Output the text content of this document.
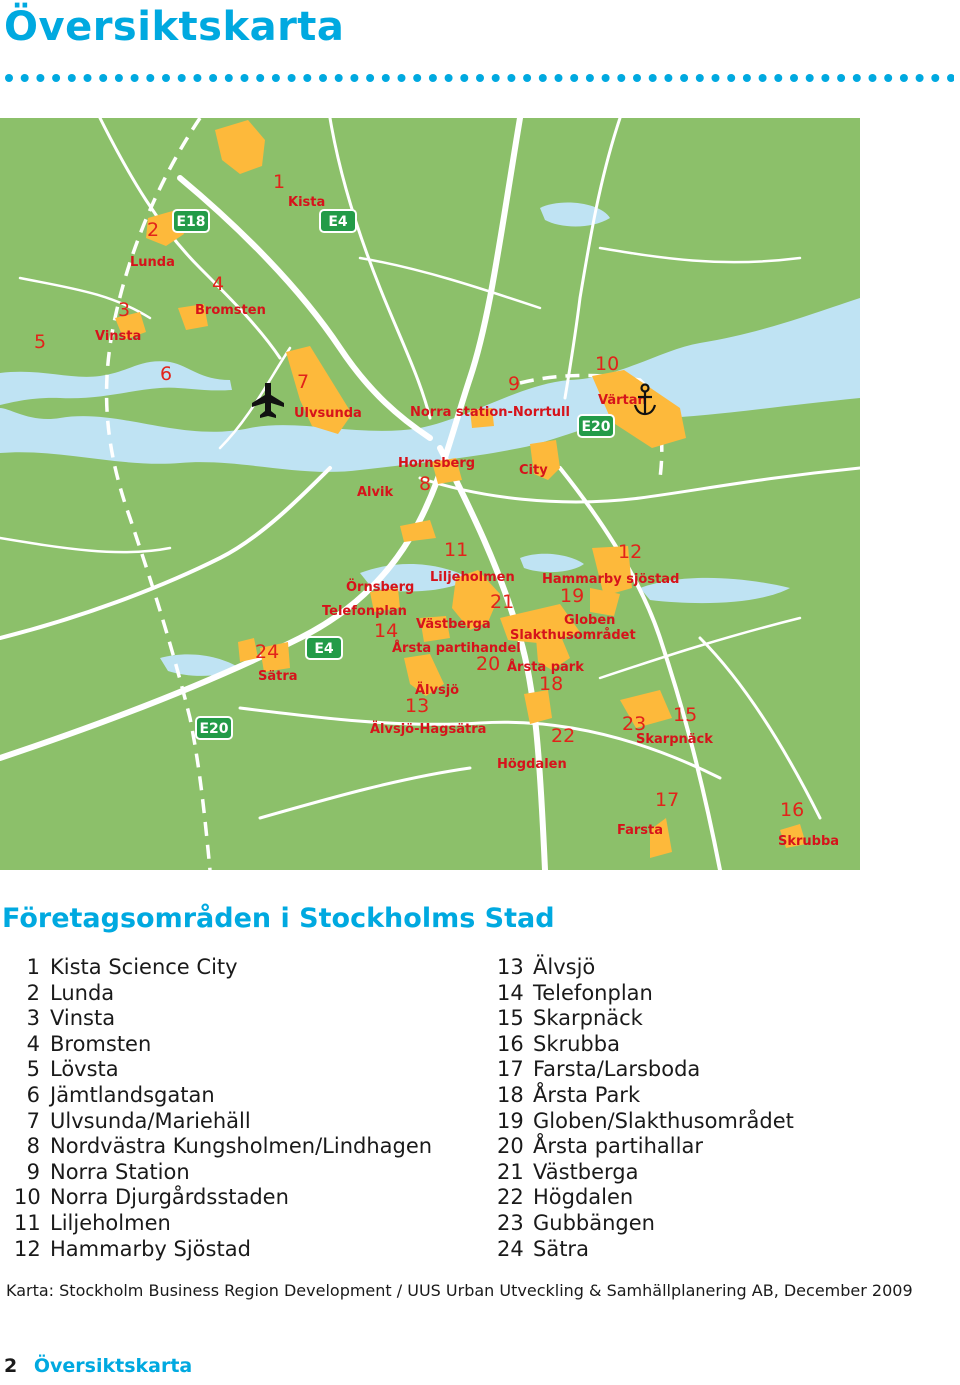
Översiktskarta
1
2
3
4
5
6	7
8
9
10
11	12
13
14
15
16
17
18
19
20
21
22
23
24
Kista
Lunda
Vinsta
Bromsten
Ulvsunda
Hornsberg
Norra station-Norrtull
Värtan
Liljeholmen Hammarby sjöstad
Älvsjö-Hagsätra
Telefonplan
Skarpnäck
Skrubba
Farsta
Årsta park
Globen
Årsta partihandel
Västberga
Högdalen
Sätra
Alvik
City
Örnsberg
Slakthusområdet
Älvsjö
E18	E4
E20
E4
E20
Företagsområden i Stockholms Stad
1 Kista Science City
2 Lunda
3 Vinsta
4 Bromsten
5 Lövsta
6 Jämtlandsgatan
7 Ulvsunda/Mariehäll
8 Nordvästra Kungsholmen/Lindhagen
9 Norra Station
10 Norra Djurgårdsstaden
11 Liljeholmen
12 Hammarby Sjöstad
13 Älvsjö
14 Telefonplan
15 Skarpnäck
16 Skrubba
17 Farsta/Larsboda
18 Årsta Park
19 Globen/Slakthusområdet
20 Årsta partihallar
21 Västberga
22 Högdalen
23 Gubbängen
24 Sätra

Karta: Stockholm Business Region Development / UUS Urban Utveckling & Samhällplanering AB, December 2009

2 Översiktskarta
